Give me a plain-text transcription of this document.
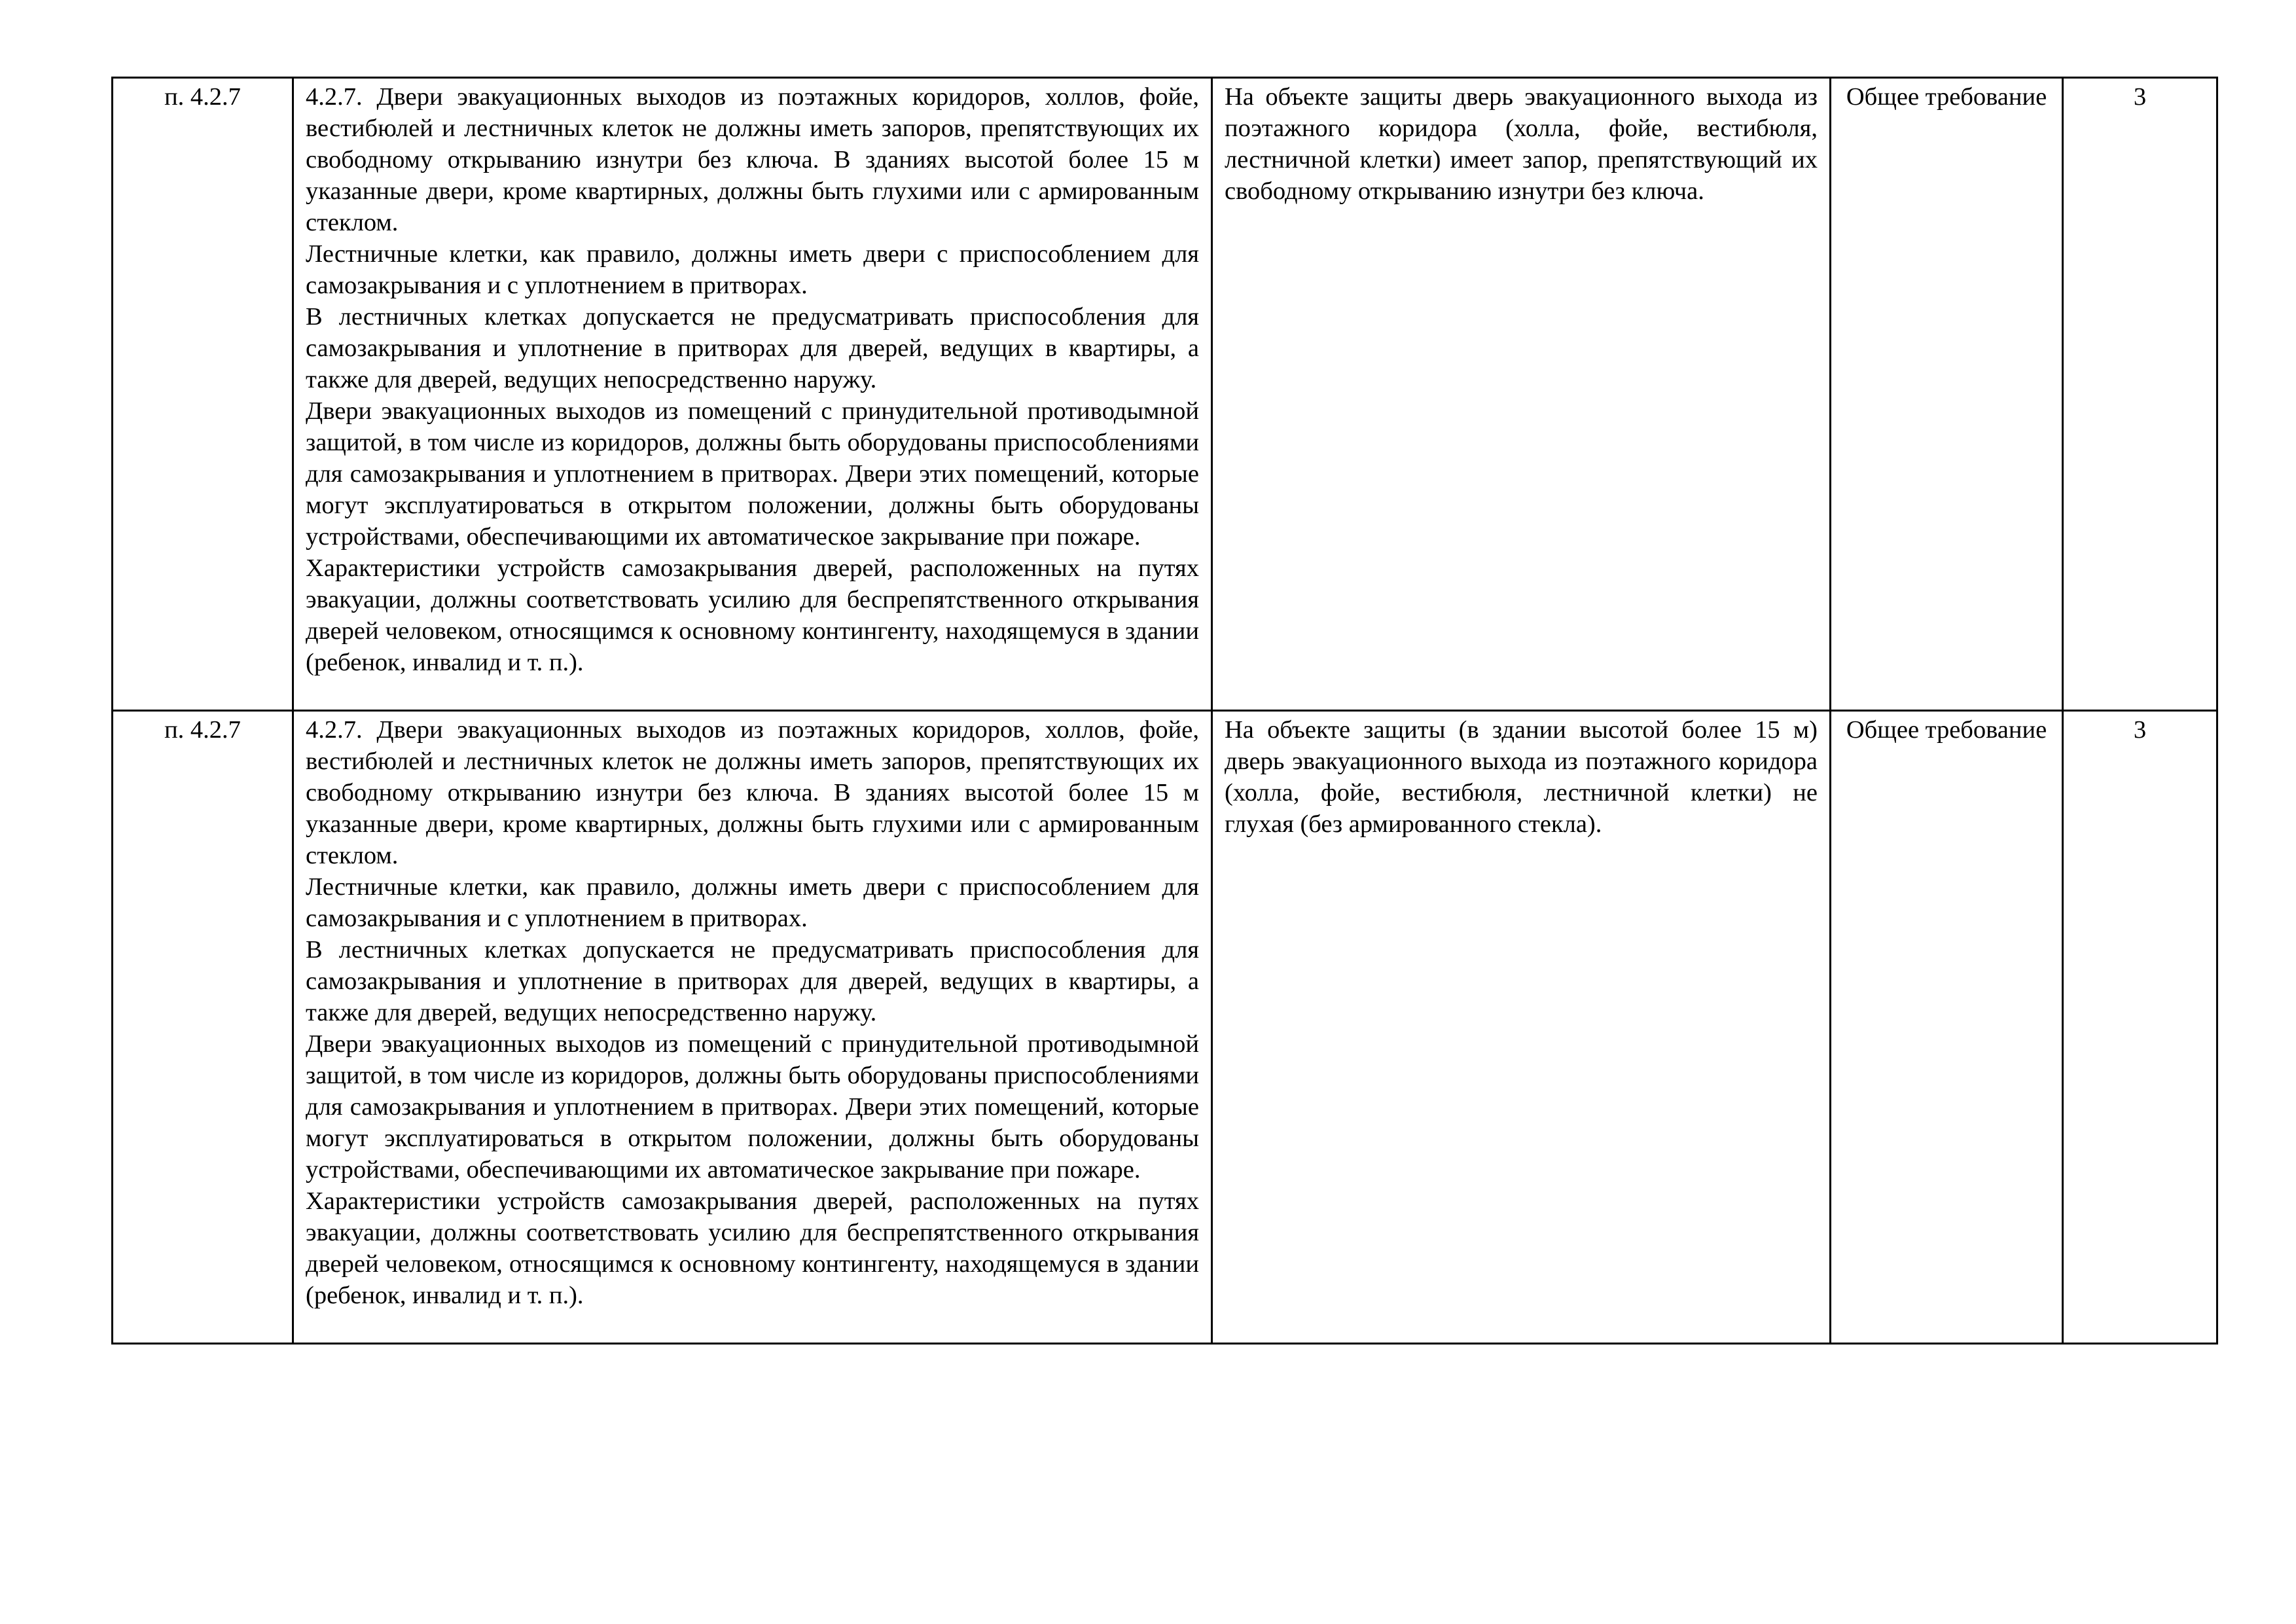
п. 4.2.7	4.2.7. Двери эвакуационных выходов из поэтажных коридоров, холлов, фойе, вестибюлей и лестничных клеток не должны иметь запоров, препятствующих их свободному открыванию изнутри без ключа. В зданиях высотой более 15 м указанные двери, кроме квартирных, должны быть глухими или с армированным стеклом.
Лестничные клетки, как правило, должны иметь двери с приспособлением для самозакрывания и с уплотнением в притворах.
В лестничных клетках допускается не предусматривать приспособления для самозакрывания и уплотнение в притворах для дверей, ведущих в квартиры, а также для дверей, ведущих непосредственно наружу.
Двери эвакуационных выходов из помещений с принудительной противодымной защитой, в том числе из коридоров, должны быть оборудованы приспособлениями для самозакрывания и уплотнением в притворах. Двери этих помещений, которые могут эксплуатироваться в открытом положении, должны быть оборудованы устройствами, обеспечивающими их автоматическое закрывание при пожаре.
Характеристики устройств самозакрывания дверей, расположенных на путях эвакуации, должны соответствовать усилию для беспрепятственного открывания дверей человеком, относящимся к основному контингенту, находящемуся в здании (ребенок, инвалид и т. п.).	На объекте защиты дверь эвакуационного выхода из поэтажного коридора (холла, фойе, вестибюля, лестничной клетки) имеет запор, препятствующий их свободному открыванию изнутри без ключа.	Общее требование	3
п. 4.2.7	4.2.7. Двери эвакуационных выходов из поэтажных коридоров, холлов, фойе, вестибюлей и лестничных клеток не должны иметь запоров, препятствующих их свободному открыванию изнутри без ключа. В зданиях высотой более 15 м указанные двери, кроме квартирных, должны быть глухими или с армированным стеклом.
Лестничные клетки, как правило, должны иметь двери с приспособлением для самозакрывания и с уплотнением в притворах.
В лестничных клетках допускается не предусматривать приспособления для самозакрывания и уплотнение в притворах для дверей, ведущих в квартиры, а также для дверей, ведущих непосредственно наружу.
Двери эвакуационных выходов из помещений с принудительной противодымной защитой, в том числе из коридоров, должны быть оборудованы приспособлениями для самозакрывания и уплотнением в притворах. Двери этих помещений, которые могут эксплуатироваться в открытом положении, должны быть оборудованы устройствами, обеспечивающими их автоматическое закрывание при пожаре.
Характеристики устройств самозакрывания дверей, расположенных на путях эвакуации, должны соответствовать усилию для беспрепятственного открывания дверей человеком, относящимся к основному контингенту, находящемуся в здании (ребенок, инвалид и т. п.).	На объекте защиты (в здании высотой более 15 м) дверь эвакуационного выхода из поэтажного коридора (холла, фойе, вестибюля, лестничной клетки) не глухая (без армированного стекла).	Общее требование	3
